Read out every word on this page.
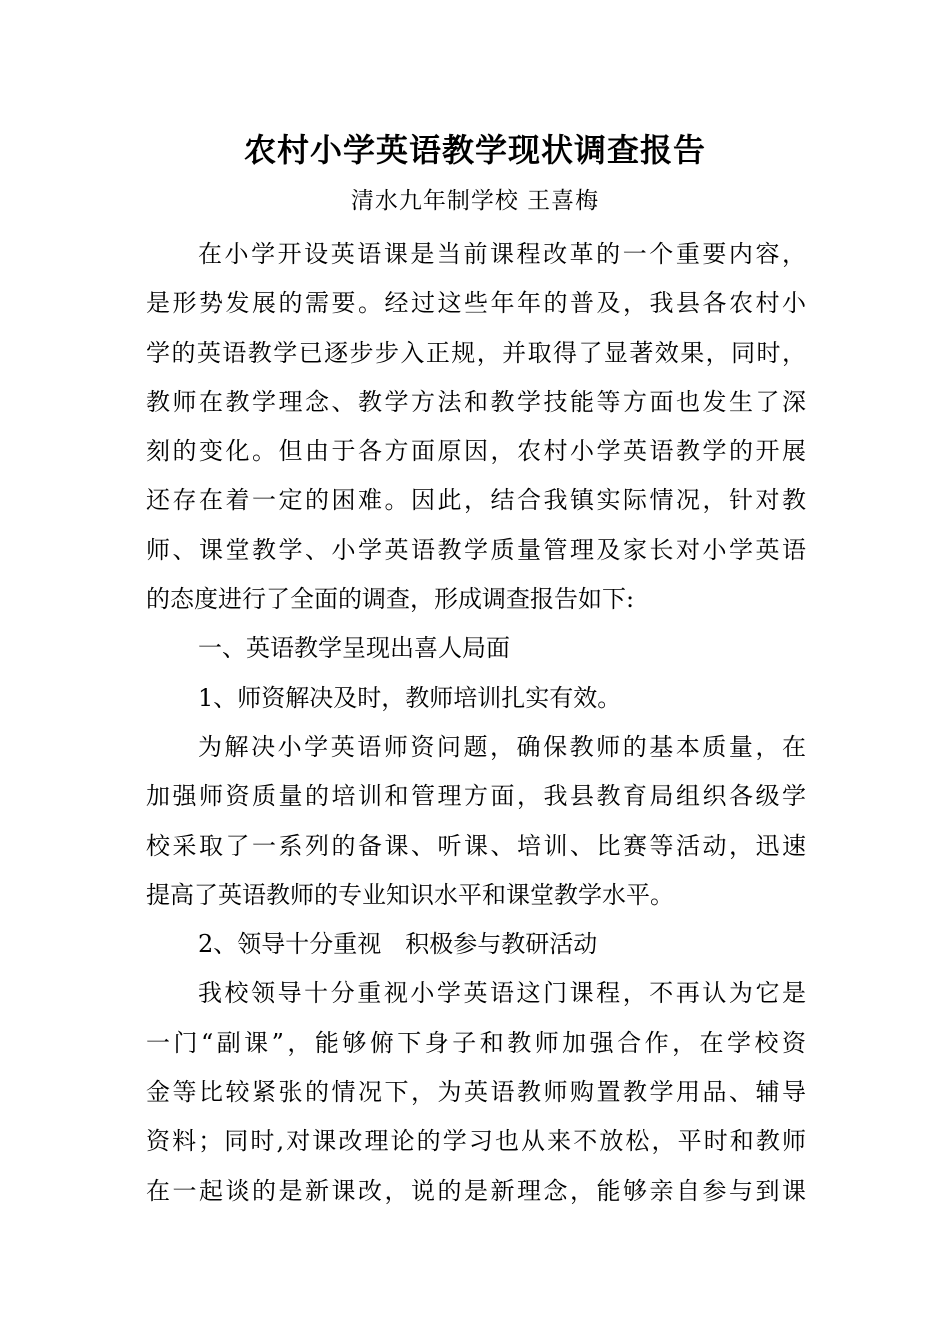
农村小学英语教学现状调查报告
清水九年制学校 王喜梅
在小学开设英语课是当前课程改革的一个重要内容，
是形势发展的需要。经过这些年年的普及，我县各农村小
学的英语教学已逐步步入正规，并取得了显著效果，同时，
教师在教学理念、教学方法和教学技能等方面也发生了深
刻的变化。但由于各方面原因，农村小学英语教学的开展
还存在着一定的困难。因此，结合我镇实际情况，针对教
师、课堂教学、小学英语教学质量管理及家长对小学英语
的态度进行了全面的调查，形成调查报告如下:
一、英语教学呈现出喜人局面
1、师资解决及时，教师培训扎实有效。
为解决小学英语师资问题，确保教师的基本质量，在
加强师资质量的培训和管理方面，我县教育局组织各级学
校采取了一系列的备课、听课、培训、比赛等活动，迅速
提高了英语教师的专业知识水平和课堂教学水平。
2、领导十分重视　积极参与教研活动
我校领导十分重视小学英语这门课程，不再认为它是
一门“副课”，能够俯下身子和教师加强合作，在学校资
金等比较紧张的情况下，为英语教师购置教学用品、辅导
资料；同时,对课改理论的学习也从来不放松，平时和教师
在一起谈的是新课改，说的是新理念，能够亲自参与到课
